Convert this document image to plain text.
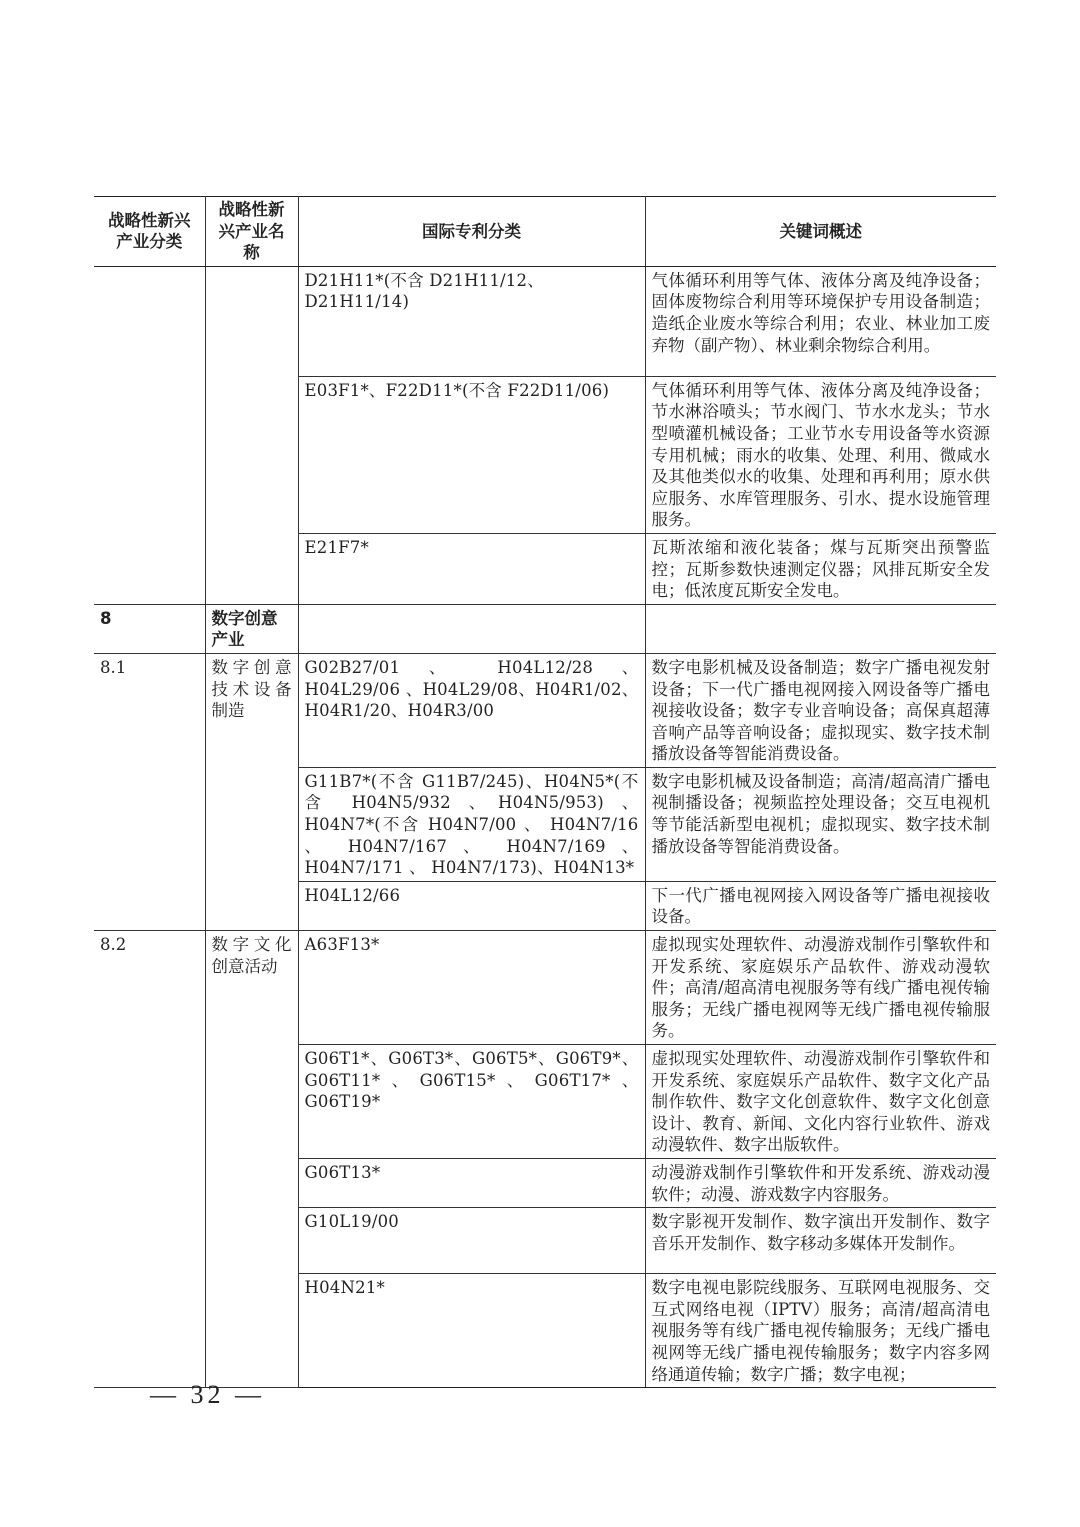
战略性新兴产业分类	战略性新兴产业名称	国际专利分类	关键词概述
		D21H11*(不含 D21H11/12、D21H11/14)	气体循环利用等气体、液体分离及纯净设备；固体废物综合利用等环境保护专用设备制造；造纸企业废水等综合利用；农业、林业加工废弃物（副产物）、林业剩余物综合利用。
		E03F1*、F22D11*(不含 F22D11/06)	气体循环利用等气体、液体分离及纯净设备；节水淋浴喷头；节水阀门、节水水龙头；节水型喷灌机械设备；工业节水专用设备等水资源专用机械；雨水的收集、处理、利用、微咸水及其他类似水的收集、处理和再利用；原水供应服务、水库管理服务、引水、提水设施管理服务。
		E21F7*	瓦斯浓缩和液化装备；煤与瓦斯突出预警监控；瓦斯参数快速测定仪器；风排瓦斯安全发电；低浓度瓦斯安全发电。
8	数字创意产业		
8.1	数字创意技术设备制造	G02B27/01 、 H04L12/28 、 H04L29/06 、H04L29/08、H04R1/02、H04R1/20、H04R3/00	数字电影机械及设备制造；数字广播电视发射设备；下一代广播电视网接入网设备等广播电视接收设备；数字专业音响设备；高保真超薄音响产品等音响设备；虚拟现实、数字技术制播放设备等智能消费设备。
		G11B7*(不含 G11B7/245)、H04N5*(不含 H04N5/932 、H04N5/953) 、H04N7*(不含 H04N7/00 、 H04N7/16 、 H04N7/167 、 H04N7/169 、 H04N7/171 、 H04N7/173)、H04N13*	数字电影机械及设备制造；高清/超高清广播电视制播设备；视频监控处理设备；交互电视机等节能活新型电视机；虚拟现实、数字技术制播放设备等智能消费设备。
		H04L12/66	下一代广播电视网接入网设备等广播电视接收设备。
8.2	数字文化创意活动	A63F13*	虚拟现实处理软件、动漫游戏制作引擎软件和开发系统、家庭娱乐产品软件、游戏动漫软件；高清/超高清电视服务等有线广播电视传输服务；无线广播电视网等无线广播电视传输服务。
		G06T1*、G06T3*、G06T5*、G06T9*、G06T11*、G06T15*、G06T17*、G06T19*	虚拟现实处理软件、动漫游戏制作引擎软件和开发系统、家庭娱乐产品软件、数字文化产品制作软件、数字文化创意软件、数字文化创意设计、教育、新闻、文化内容行业软件、游戏动漫软件、数字出版软件。
		G06T13*	动漫游戏制作引擎软件和开发系统、游戏动漫软件；动漫、游戏数字内容服务。
		G10L19/00	数字影视开发制作、数字演出开发制作、数字音乐开发制作、数字移动多媒体开发制作。
		H04N21*	数字电视电影院线服务、互联网电视服务、交互式网络电视（IPTV）服务；高清/超高清电视服务等有线广播电视传输服务；无线广播电视网等无线广播电视传输服务；数字内容多网络通道传输；数字广播；数字电视；
— 32 —
